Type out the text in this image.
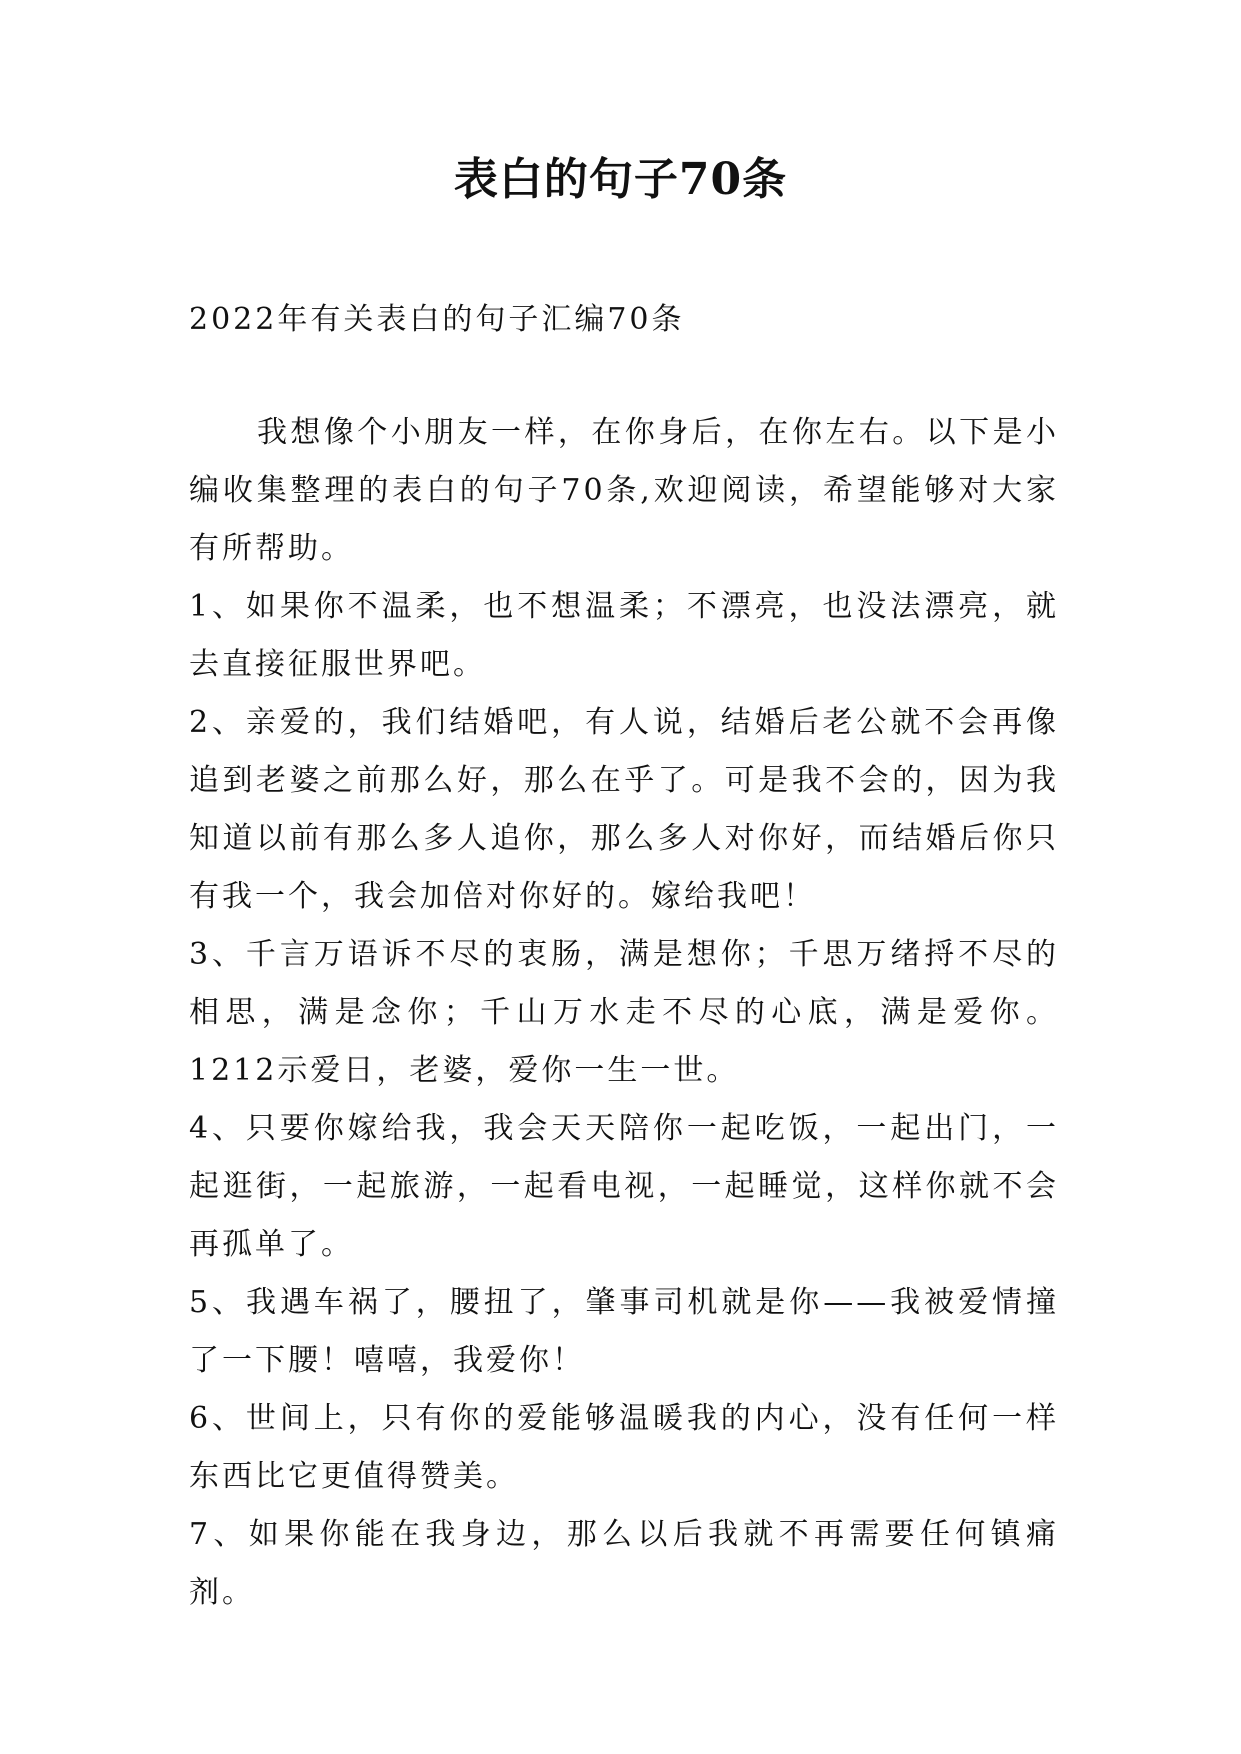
表白的句子70条
2022年有关表白的句子汇编70条

我想像个小朋友一样，在你身后，在你左右。以下是小编收集整理的表白的句子70条,欢迎阅读，希望能够对大家有所帮助。

1、如果你不温柔，也不想温柔；不漂亮，也没法漂亮，就去直接征服世界吧。

2、亲爱的，我们结婚吧，有人说，结婚后老公就不会再像追到老婆之前那么好，那么在乎了。可是我不会的，因为我知道以前有那么多人追你，那么多人对你好，而结婚后你只有我一个，我会加倍对你好的。嫁给我吧！

3、千言万语诉不尽的衷肠，满是想你；千思万绪捋不尽的相思，满是念你；千山万水走不尽的心底，满是爱你。1212示爱日，老婆，爱你一生一世。

4、只要你嫁给我，我会天天陪你一起吃饭，一起出门，一起逛街，一起旅游，一起看电视，一起睡觉，这样你就不会再孤单了。

5、我遇车祸了，腰扭了，肇事司机就是你——我被爱情撞了一下腰！嘻嘻，我爱你！

6、世间上，只有你的爱能够温暖我的内心，没有任何一样东西比它更值得赞美。

7、如果你能在我身边，那么以后我就不再需要任何镇痛剂。
